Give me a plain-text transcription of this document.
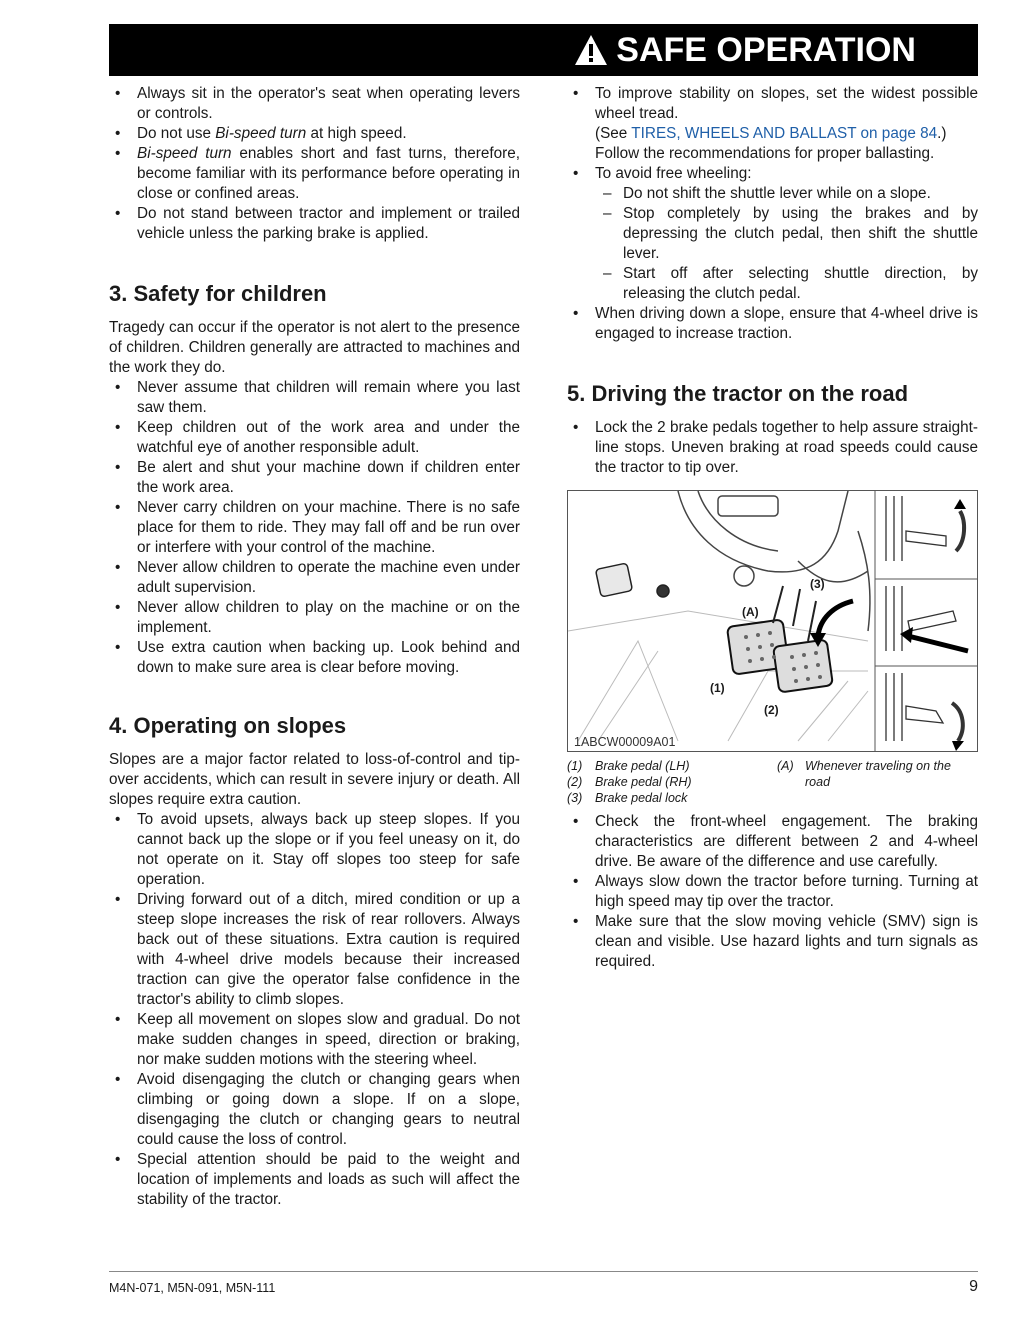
SAFE OPERATION
• Always sit in the operator's seat when operating levers or controls.
• Do not use Bi-speed turn at high speed.
• Bi-speed turn enables short and fast turns, therefore, become familiar with its performance before operating in close or confined areas.
• Do not stand between tractor and implement or trailed vehicle unless the parking brake is applied.
3. Safety for children

Tragedy can occur if the operator is not alert to the presence of children. Children generally are attracted to machines and the work they do.

• Never assume that children will remain where you last saw them.
• Keep children out of the work area and under the watchful eye of another responsible adult.
• Be alert and shut your machine down if children enter the work area.
• Never carry children on your machine. There is no safe place for them to ride. They may fall off and be run over or interfere with your control of the machine.
• Never allow children to operate the machine even under adult supervision.
• Never allow children to play on the machine or on the implement.
• Use extra caution when backing up. Look behind and down to make sure area is clear before moving.
4. Operating on slopes

Slopes are a major factor related to loss-of-control and tip-over accidents, which can result in severe injury or death. All slopes require extra caution.

• To avoid upsets, always back up steep slopes. If you cannot back up the slope or if you feel uneasy on it, do not operate on it. Stay off slopes too steep for safe operation.
• Driving forward out of a ditch, mired condition or up a steep slope increases the risk of rear rollovers. Always back out of these situations. Extra caution is required with 4-wheel drive models because their increased traction can give the operator false confidence in the tractor's ability to climb slopes.
• Keep all movement on slopes slow and gradual. Do not make sudden changes in speed, direction or braking, nor make sudden motions with the steering wheel.
• Avoid disengaging the clutch or changing gears when climbing or going down a slope. If on a slope, disengaging the clutch or changing gears to neutral could cause the loss of control.
• Special attention should be paid to the weight and location of implements and loads as such will affect the stability of the tractor.
• To improve stability on slopes, set the widest possible wheel tread.
(See TIRES, WHEELS AND BALLAST on page 84.)
Follow the recommendations for proper ballasting.
• To avoid free wheeling:
– Do not shift the shuttle lever while on a slope.
– Stop completely by using the brakes and by depressing the clutch pedal, then shift the shuttle lever.
– Start off after selecting shuttle direction, by releasing the clutch pedal.
• When driving down a slope, ensure that 4-wheel drive is engaged to increase traction.
5. Driving the tractor on the road
• Lock the 2 brake pedals together to help assure straight-line stops. Uneven braking at road speeds could cause the tractor to tip over.
(3)
(A)
(1)
(2)
1ABCW00009A01
(1) Brake pedal (LH)
(2) Brake pedal (RH)
(3) Brake pedal lock
(A) Whenever traveling on the road
• Check the front-wheel engagement. The braking characteristics are different between 2 and 4-wheel drive. Be aware of the difference and use carefully.
• Always slow down the tractor before turning. Turning at high speed may tip over the tractor.
• Make sure that the slow moving vehicle (SMV) sign is clean and visible. Use hazard lights and turn signals as required.
M4N-071, M5N-091, M5N-111	9
